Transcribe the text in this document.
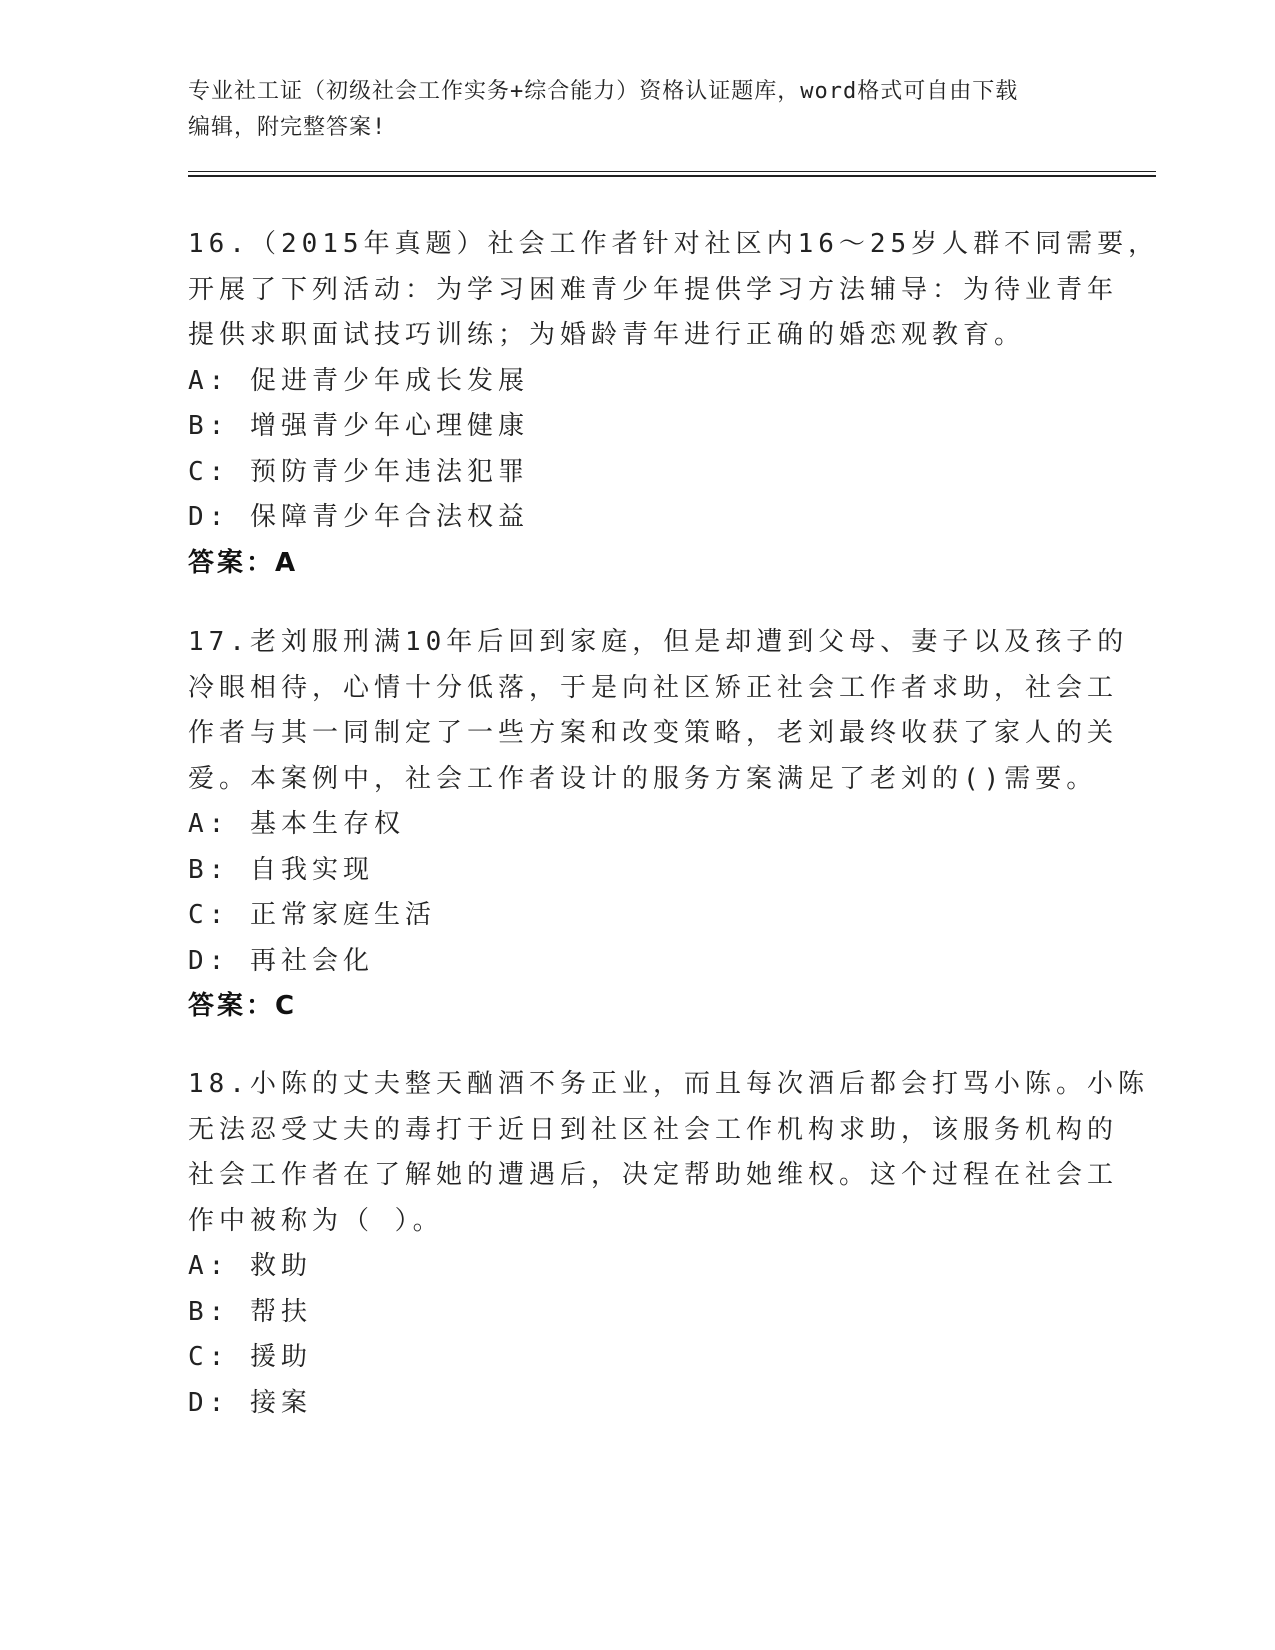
专业社工证（初级社会工作实务+综合能力）资格认证题库，word格式可自由下载
编辑，附完整答案!
16.（2015年真题）社会工作者针对社区内16～25岁人群不同需要，
开展了下列活动：为学习困难青少年提供学习方法辅导：为待业青年
提供求职面试技巧训练；为婚龄青年进行正确的婚恋观教育。
A: 促进青少年成长发展
B: 增强青少年心理健康
C: 预防青少年违法犯罪
D: 保障青少年合法权益
答案：A
17.老刘服刑满10年后回到家庭，但是却遭到父母、妻子以及孩子的
冷眼相待，心情十分低落，于是向社区矫正社会工作者求助，社会工
作者与其一同制定了一些方案和改变策略，老刘最终收获了家人的关
爱。本案例中，社会工作者设计的服务方案满足了老刘的()需要。
A: 基本生存权
B: 自我实现
C: 正常家庭生活
D: 再社会化
答案：C
18.小陈的丈夫整天酗酒不务正业，而且每次酒后都会打骂小陈。小陈
无法忍受丈夫的毒打于近日到社区社会工作机构求助，该服务机构的
社会工作者在了解她的遭遇后，决定帮助她维权。这个过程在社会工
作中被称为（ ）。
A: 救助
B: 帮扶
C: 援助
D: 接案
